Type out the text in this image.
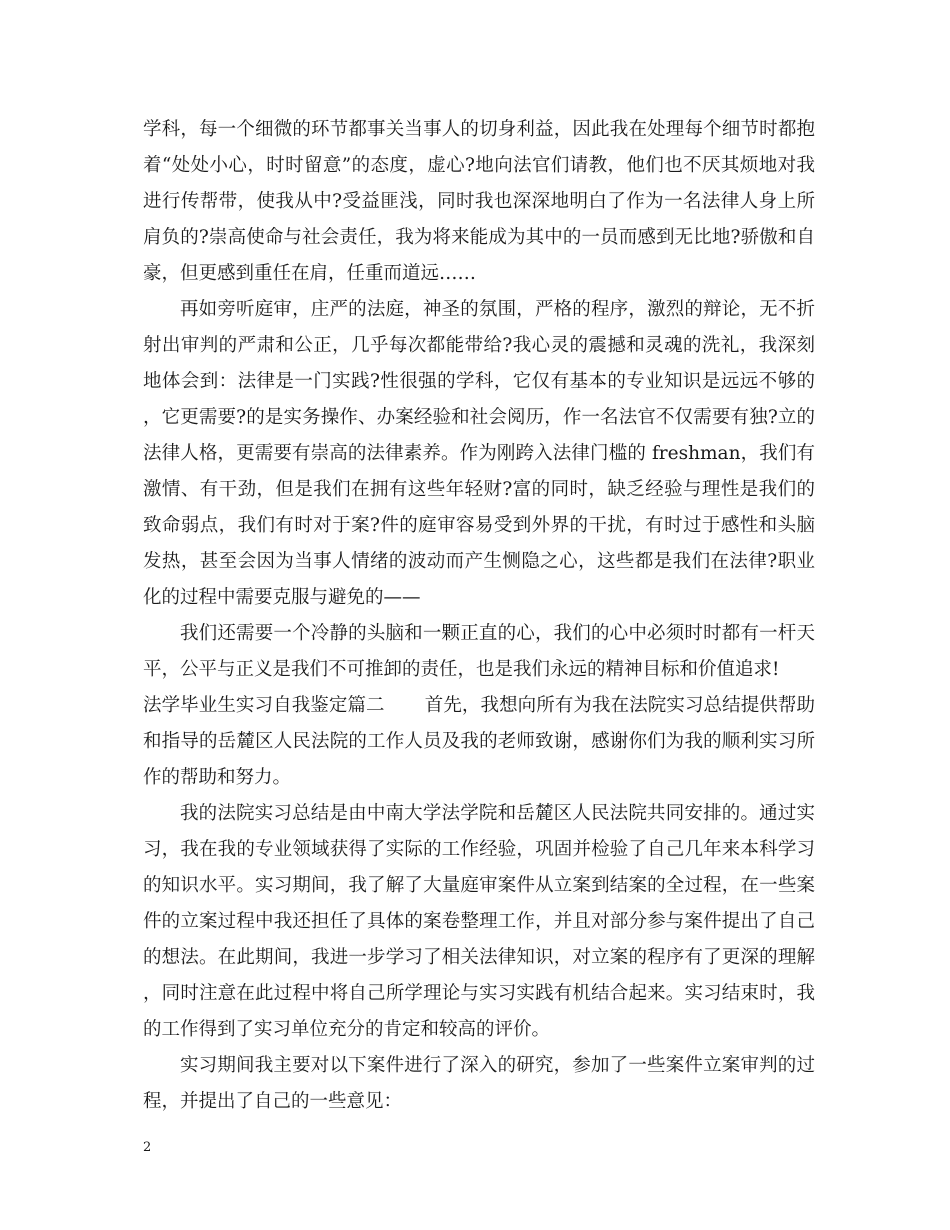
学科，每一个细微的环节都事关当事人的切身利益，因此我在处理每个细节时都抱着“处处小心，时时留意”的态度，虚心?地向法官们请教，他们也不厌其烦地对我进行传帮带，使我从中?受益匪浅，同时我也深深地明白了作为一名法律人身上所肩负的?崇高使命与社会责任，我为将来能成为其中的一员而感到无比地?骄傲和自豪，但更感到重任在肩，任重而道远……

再如旁听庭审，庄严的法庭，神圣的氛围，严格的程序，激烈的辩论，无不折射出审判的严肃和公正，几乎每次都能带给?我心灵的震撼和灵魂的洗礼，我深刻地体会到：法律是一门实践?性很强的学科，它仅有基本的专业知识是远远不够的，它更需要?的是实务操作、办案经验和社会阅历，作一名法官不仅需要有独?立的法律人格，更需要有崇高的法律素养。作为刚跨入法律门槛的 freshman，我们有激情、有干劲，但是我们在拥有这些年轻财?富的同时，缺乏经验与理性是我们的致命弱点，我们有时对于案?件的庭审容易受到外界的干扰，有时过于感性和头脑发热，甚至会因为当事人情绪的波动而产生恻隐之心，这些都是我们在法律?职业化的过程中需要克服与避免的——

我们还需要一个冷静的头脑和一颗正直的心，我们的心中必须时时都有一杆天平，公平与正义是我们不可推卸的责任，也是我们永远的精神目标和价值追求!

法学毕业生实习自我鉴定篇二 首先，我想向所有为我在法院实习总结提供帮助和指导的岳麓区人民法院的工作人员及我的老师致谢，感谢你们为我的顺利实习所作的帮助和努力。

我的法院实习总结是由中南大学法学院和岳麓区人民法院共同安排的。通过实习，我在我的专业领域获得了实际的工作经验，巩固并检验了自己几年来本科学习的知识水平。实习期间，我了解了大量庭审案件从立案到结案的全过程，在一些案件的立案过程中我还担任了具体的案卷整理工作，并且对部分参与案件提出了自己的想法。在此期间，我进一步学习了相关法律知识，对立案的程序有了更深的理解，同时注意在此过程中将自己所学理论与实习实践有机结合起来。实习结束时，我的工作得到了实习单位充分的肯定和较高的评价。

实习期间我主要对以下案件进行了深入的研究，参加了一些案件立案审判的过程，并提出了自己的一些意见：

2
